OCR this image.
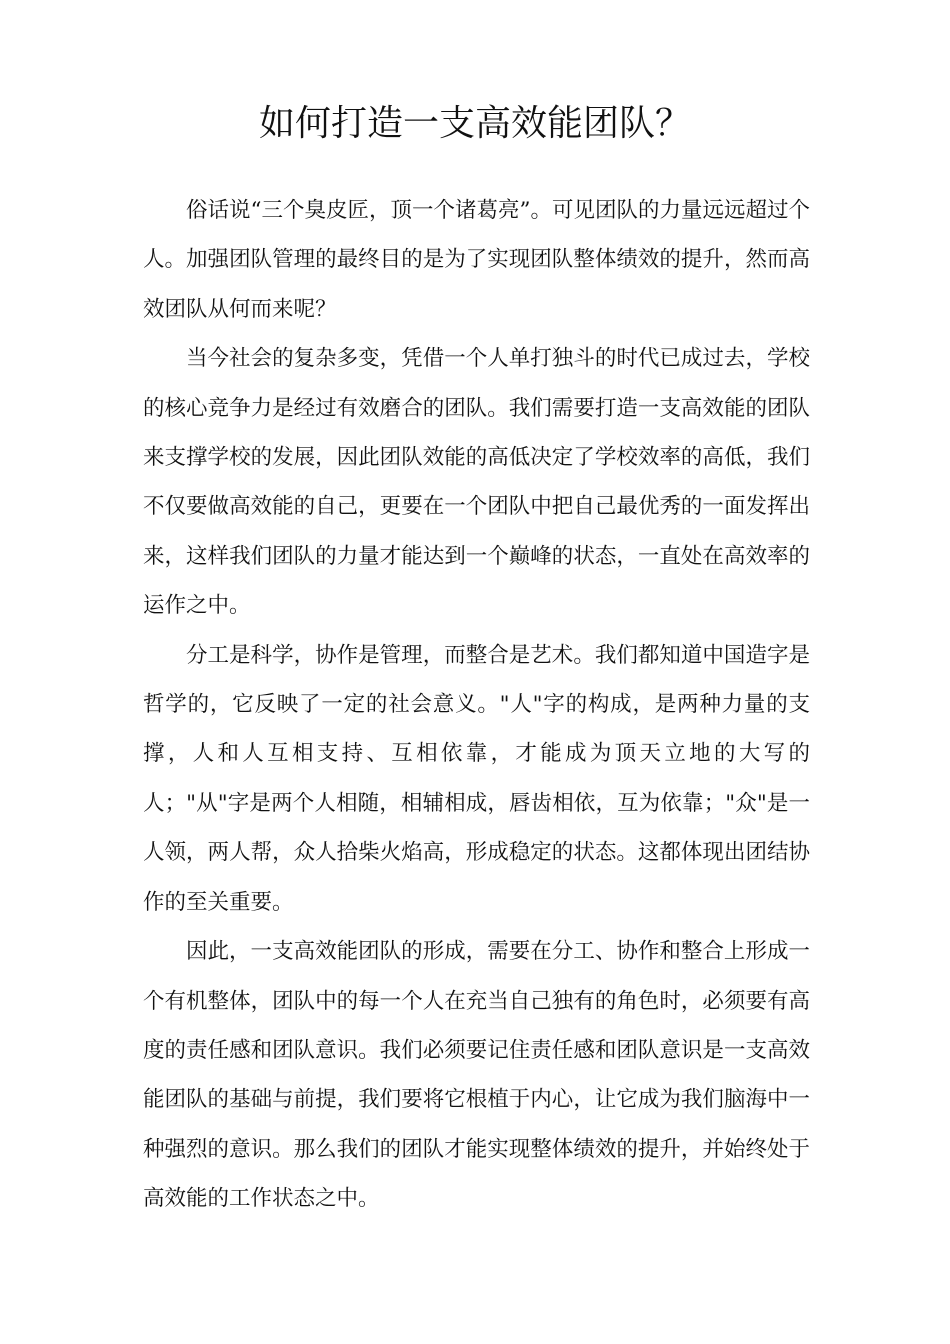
如何打造一支高效能团队？

俗话说“三个臭皮匠，顶一个诸葛亮”。可见团队的力量远远超过个人。加强团队管理的最终目的是为了实现团队整体绩效的提升，然而高效团队从何而来呢？

当今社会的复杂多变，凭借一个人单打独斗的时代已成过去，学校的核心竞争力是经过有效磨合的团队。我们需要打造一支高效能的团队来支撑学校的发展，因此团队效能的高低决定了学校效率的高低，我们不仅要做高效能的自己，更要在一个团队中把自己最优秀的一面发挥出来，这样我们团队的力量才能达到一个巅峰的状态，一直处在高效率的运作之中。

分工是科学，协作是管理，而整合是艺术。我们都知道中国造字是哲学的，它反映了一定的社会意义。"人"字的构成，是两种力量的支撑，人和人互相支持、互相依靠，才能成为顶天立地的大写的人；"从"字是两个人相随，相辅相成，唇齿相依，互为依靠；"众"是一人领，两人帮，众人拾柴火焰高，形成稳定的状态。这都体现出团结协作的至关重要。

因此，一支高效能团队的形成，需要在分工、协作和整合上形成一个有机整体，团队中的每一个人在充当自己独有的角色时，必须要有高度的责任感和团队意识。我们必须要记住责任感和团队意识是一支高效能团队的基础与前提，我们要将它根植于内心，让它成为我们脑海中一种强烈的意识。那么我们的团队才能实现整体绩效的提升，并始终处于高效能的工作状态之中。
